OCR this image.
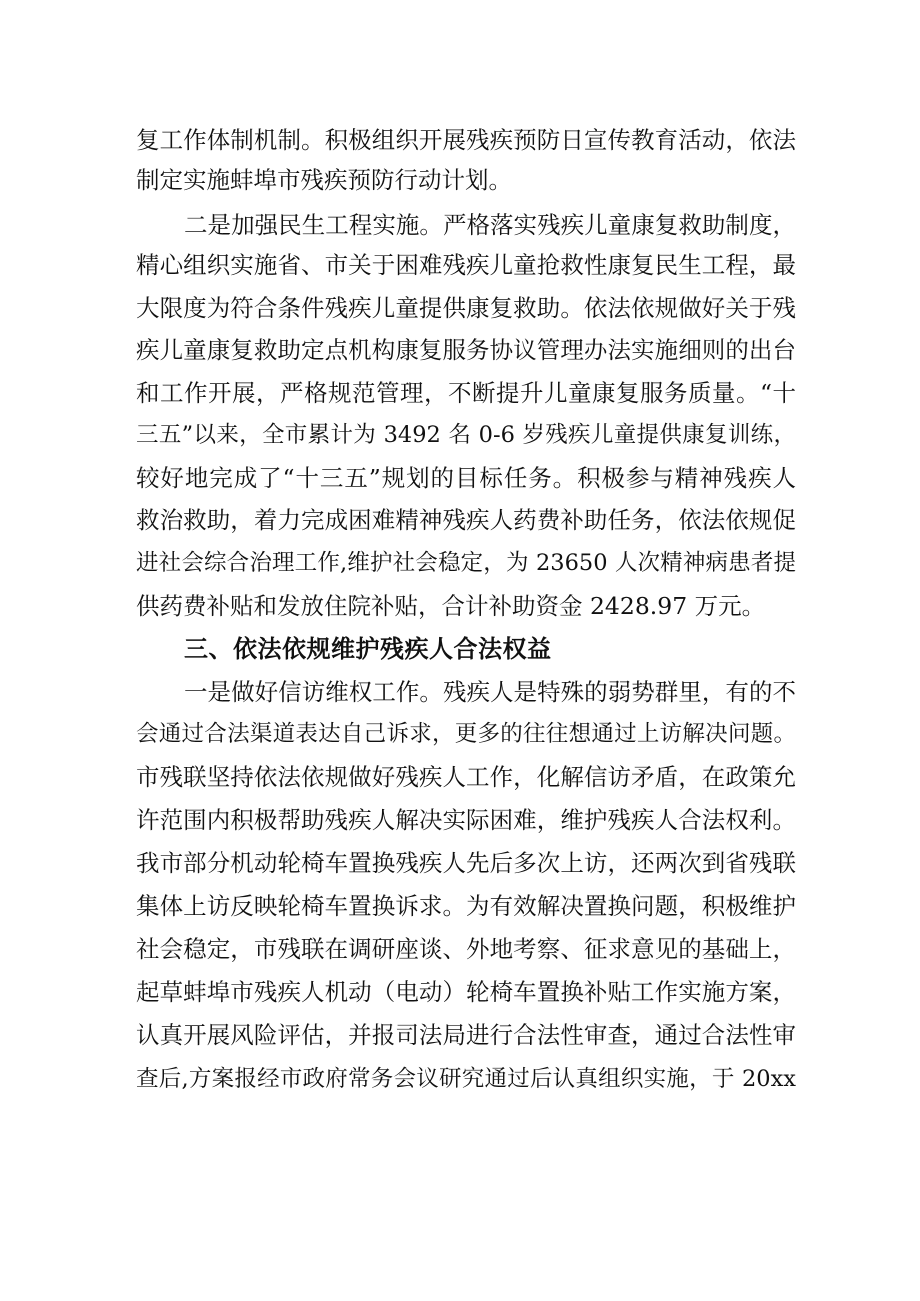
复工作体制机制。积极组织开展残疾预防日宣传教育活动，依法
制定实施蚌埠市残疾预防行动计划。
二是加强民生工程实施。严格落实残疾儿童康复救助制度，
精心组织实施省、市关于困难残疾儿童抢救性康复民生工程，最
大限度为符合条件残疾儿童提供康复救助。依法依规做好关于残
疾儿童康复救助定点机构康复服务协议管理办法实施细则的出台
和工作开展，严格规范管理，不断提升儿童康复服务质量。“十
三五”以来，全市累计为 3492 名 0-6 岁残疾儿童提供康复训练，
较好地完成了“十三五”规划的目标任务。积极参与精神残疾人
救治救助，着力完成困难精神残疾人药费补助任务，依法依规促
进社会综合治理工作,维护社会稳定，为 23650 人次精神病患者提
供药费补贴和发放住院补贴，合计补助资金 2428.97 万元。
三、依法依规维护残疾人合法权益
一是做好信访维权工作。残疾人是特殊的弱势群里，有的不
会通过合法渠道表达自己诉求，更多的往往想通过上访解决问题。
市残联坚持依法依规做好残疾人工作，化解信访矛盾，在政策允
许范围内积极帮助残疾人解决实际困难，维护残疾人合法权利。
我市部分机动轮椅车置换残疾人先后多次上访，还两次到省残联
集体上访反映轮椅车置换诉求。为有效解决置换问题，积极维护
社会稳定，市残联在调研座谈、外地考察、征求意见的基础上，
起草蚌埠市残疾人机动（电动）轮椅车置换补贴工作实施方案，
认真开展风险评估，并报司法局进行合法性审查，通过合法性审
查后,方案报经市政府常务会议研究通过后认真组织实施，于 20xx
